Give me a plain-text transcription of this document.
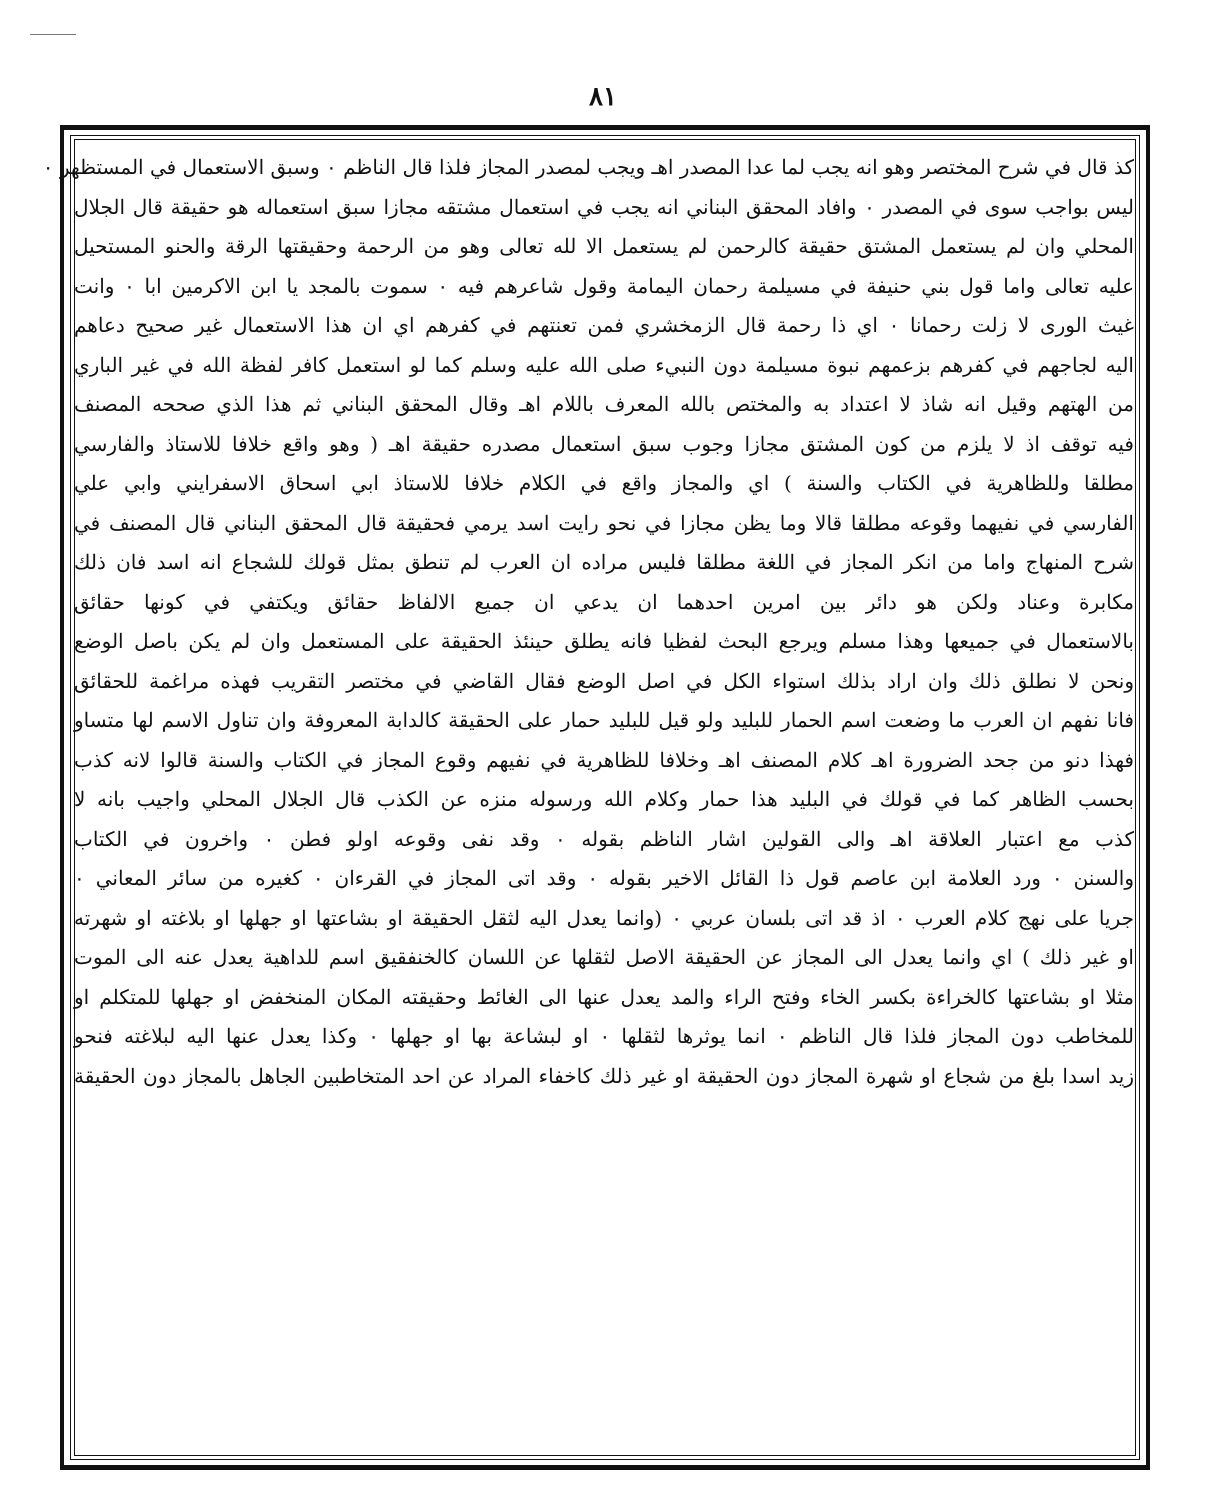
٨١
كذ قال في شرح المختصر وهو انه يجب لما عدا المصدر اهـ ويجب لمصدر المجاز فلذا قال الناظم ٠ وسبق الاستعمال في المستظهر ٠
ليس بواجب سوى في المصدر ٠ وافاد المحقق البناني انه يجب في استعمال مشتقه مجازا سبق استعماله هو حقيقة قال الجلال
المحلي وان لم يستعمل المشتق حقيقة كالرحمن لم يستعمل الا لله تعالى وهو من الرحمة وحقيقتها الرقة والحنو المستحيل
عليه تعالى واما قول بني حنيفة في مسيلمة رحمان اليمامة وقول شاعرهم فيه ٠ سموت بالمجد يا ابن الاكرمين ابا ٠ وانت
غيث الورى لا زلت رحمانا ٠ اي ذا رحمة قال الزمخشري فمن تعنتهم في كفرهم اي ان هذا الاستعمال غير صحيح دعاهم
اليه لجاجهم في كفرهم بزعمهم نبوة مسيلمة دون النبيء صلى الله عليه وسلم كما لو استعمل كافر لفظة الله في غير الباري
من الهتهم وقيل انه شاذ لا اعتداد به والمختص بالله المعرف باللام اهـ وقال المحقق البناني ثم هذا الذي صححه المصنف
فيه توقف اذ لا يلزم من كون المشتق مجازا وجوب سبق استعمال مصدره حقيقة اهـ ( وهو واقع خلافا للاستاذ والفارسي
مطلقا وللظاهرية في الكتاب والسنة ) اي والمجاز واقع في الكلام خلافا للاستاذ ابي اسحاق الاسفرايني وابي علي
الفارسي في نفيهما وقوعه مطلقا قالا وما يظن مجازا في نحو رايت اسد يرمي فحقيقة قال المحقق البناني قال المصنف في
شرح المنهاج واما من انكر المجاز في اللغة مطلقا فليس مراده ان العرب لم تنطق بمثل قولك للشجاع انه اسد فان ذلك
مكابرة وعناد ولكن هو دائر بين امرين احدهما ان يدعي ان جميع الالفاظ حقائق ويكتفي في كونها حقائق
بالاستعمال في جميعها وهذا مسلم ويرجع البحث لفظيا فانه يطلق حينئذ الحقيقة على المستعمل وان لم يكن باصل الوضع
ونحن لا نطلق ذلك وان اراد بذلك استواء الكل في اصل الوضع فقال القاضي في مختصر التقريب فهذه مراغمة للحقائق
فانا نفهم ان العرب ما وضعت اسم الحمار للبليد ولو قيل للبليد حمار على الحقيقة كالدابة المعروفة وان تناول الاسم لها متساو
فهذا دنو من جحد الضرورة اهـ كلام المصنف اهـ وخلافا للظاهرية في نفيهم وقوع المجاز في الكتاب والسنة قالوا لانه كذب
بحسب الظاهر كما في قولك في البليد هذا حمار وكلام الله ورسوله منزه عن الكذب قال الجلال المحلي واجيب بانه لا
كذب مع اعتبار العلاقة اهـ والى القولين اشار الناظم بقوله ٠ وقد نفى وقوعه اولو فطن ٠ واخرون في الكتاب
والسنن ٠ ورد العلامة ابن عاصم قول ذا القائل الاخير بقوله ٠ وقد اتى المجاز في القرءان ٠ كغيره من سائر المعاني ٠
جريا على نهج كلام العرب ٠ اذ قد اتى بلسان عربي ٠ (وانما يعدل اليه لثقل الحقيقة او بشاعتها او جهلها او بلاغته او شهرته
او غير ذلك ) اي وانما يعدل الى المجاز عن الحقيقة الاصل لثقلها عن اللسان كالخنفقيق اسم للداهية يعدل عنه الى الموت
مثلا او بشاعتها كالخراءة بكسر الخاء وفتح الراء والمد يعدل عنها الى الغائط وحقيقته المكان المنخفض او جهلها للمتكلم او
للمخاطب دون المجاز فلذا قال الناظم ٠ انما يوثرها لثقلها ٠ او لبشاعة بها او جهلها ٠ وكذا يعدل عنها اليه لبلاغته فنحو
زيد اسدا بلغ من شجاع او شهرة المجاز دون الحقيقة او غير ذلك كاخفاء المراد عن احد المتخاطبين الجاهل بالمجاز دون الحقيقة
